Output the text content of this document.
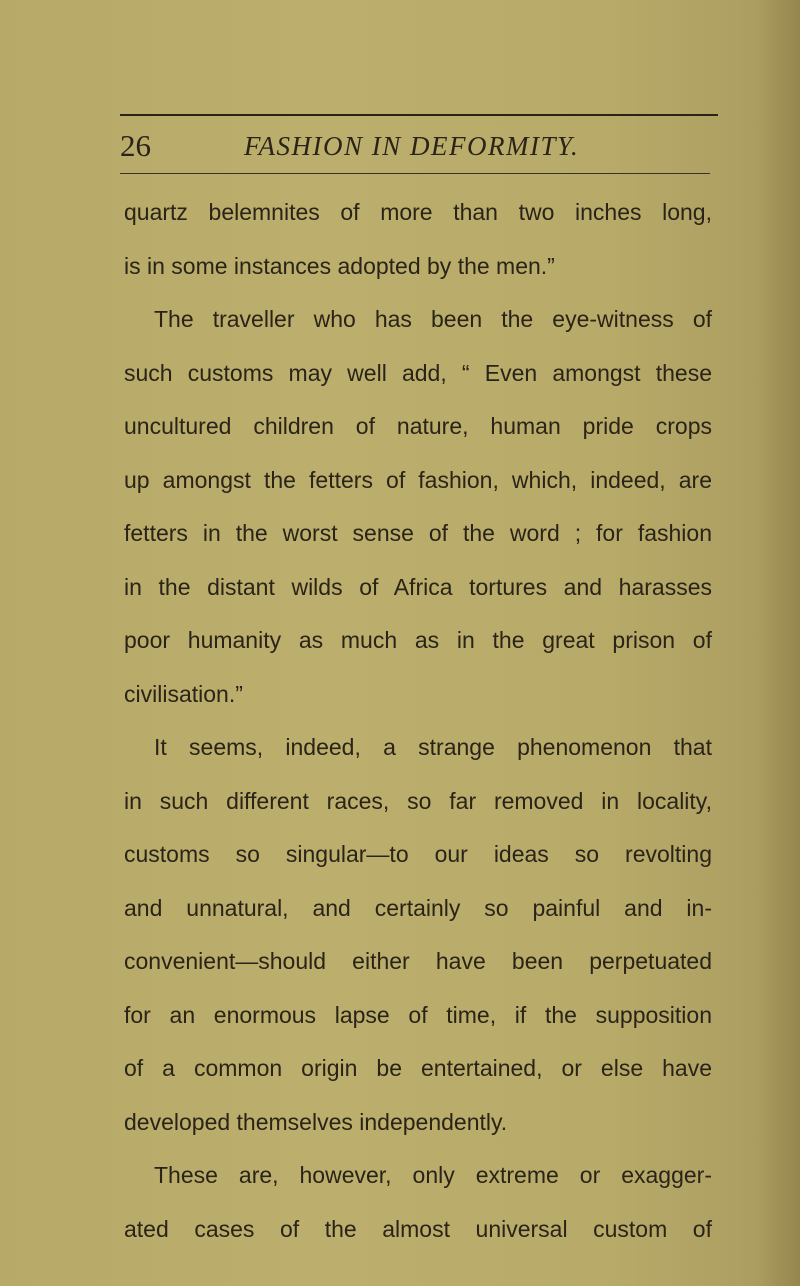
26	FASHION IN DEFORMITY.
quartz belemnites of more than two inches long,
is in some instances adopted by the men.”
The traveller who has been the eye-witness of
such customs may well add, “ Even amongst these
uncultured children of nature, human pride crops
up amongst the fetters of fashion, which, indeed, are
fetters in the worst sense of the word ; for fashion
in the distant wilds of Africa tortures and harasses
poor humanity as much as in the great prison of
civilisation.”
It seems, indeed, a strange phenomenon that
in such different races, so far removed in locality,
customs so singular—to our ideas so revolting
and unnatural, and certainly so painful and in-
convenient—should either have been perpetuated
for an enormous lapse of time, if the supposition
of a common origin be entertained, or else have
developed themselves independently.
These are, however, only extreme or exagger-
ated cases of the almost universal custom of
